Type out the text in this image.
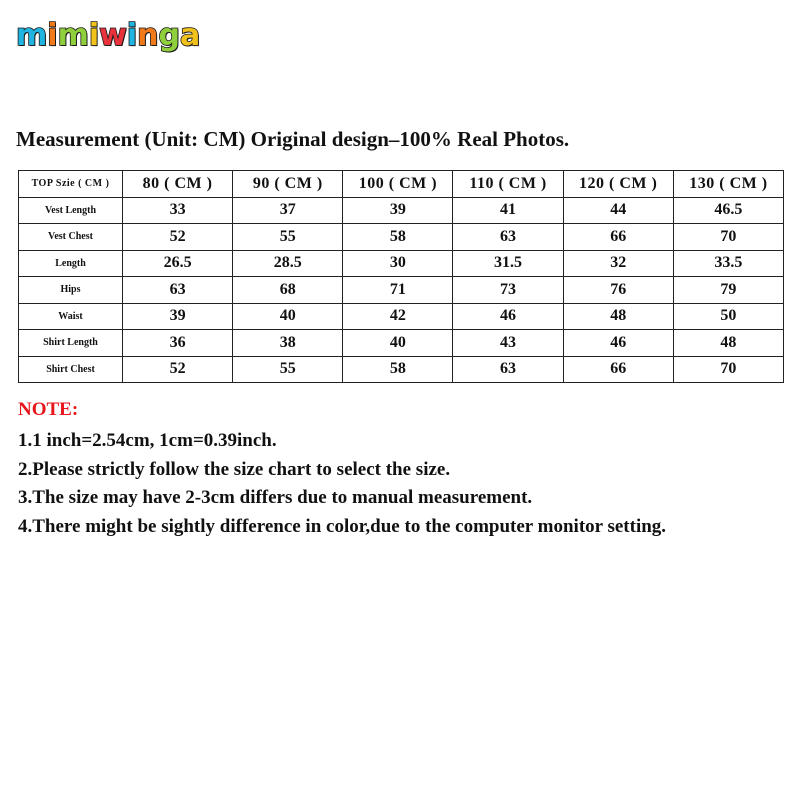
mimiwinga
Measurement (Unit: CM) Original design–100% Real Photos.
TOP Szie ( CM )	80 ( CM )	90 ( CM )	100 ( CM )	110 ( CM )	120 ( CM )	130 ( CM )
Vest Length	33	37	39	41	44	46.5
Vest Chest	52	55	58	63	66	70
Length	26.5	28.5	30	31.5	32	33.5
Hips	63	68	71	73	76	79
Waist	39	40	42	46	48	50
Shirt Length	36	38	40	43	46	48
Shirt Chest	52	55	58	63	66	70
NOTE:
1.1 inch=2.54cm, 1cm=0.39inch.
2.Please strictly follow the size chart to select the size.
3.The size may have 2-3cm differs due to manual measurement.
4.There might be sightly difference in color,due to the computer monitor setting.
